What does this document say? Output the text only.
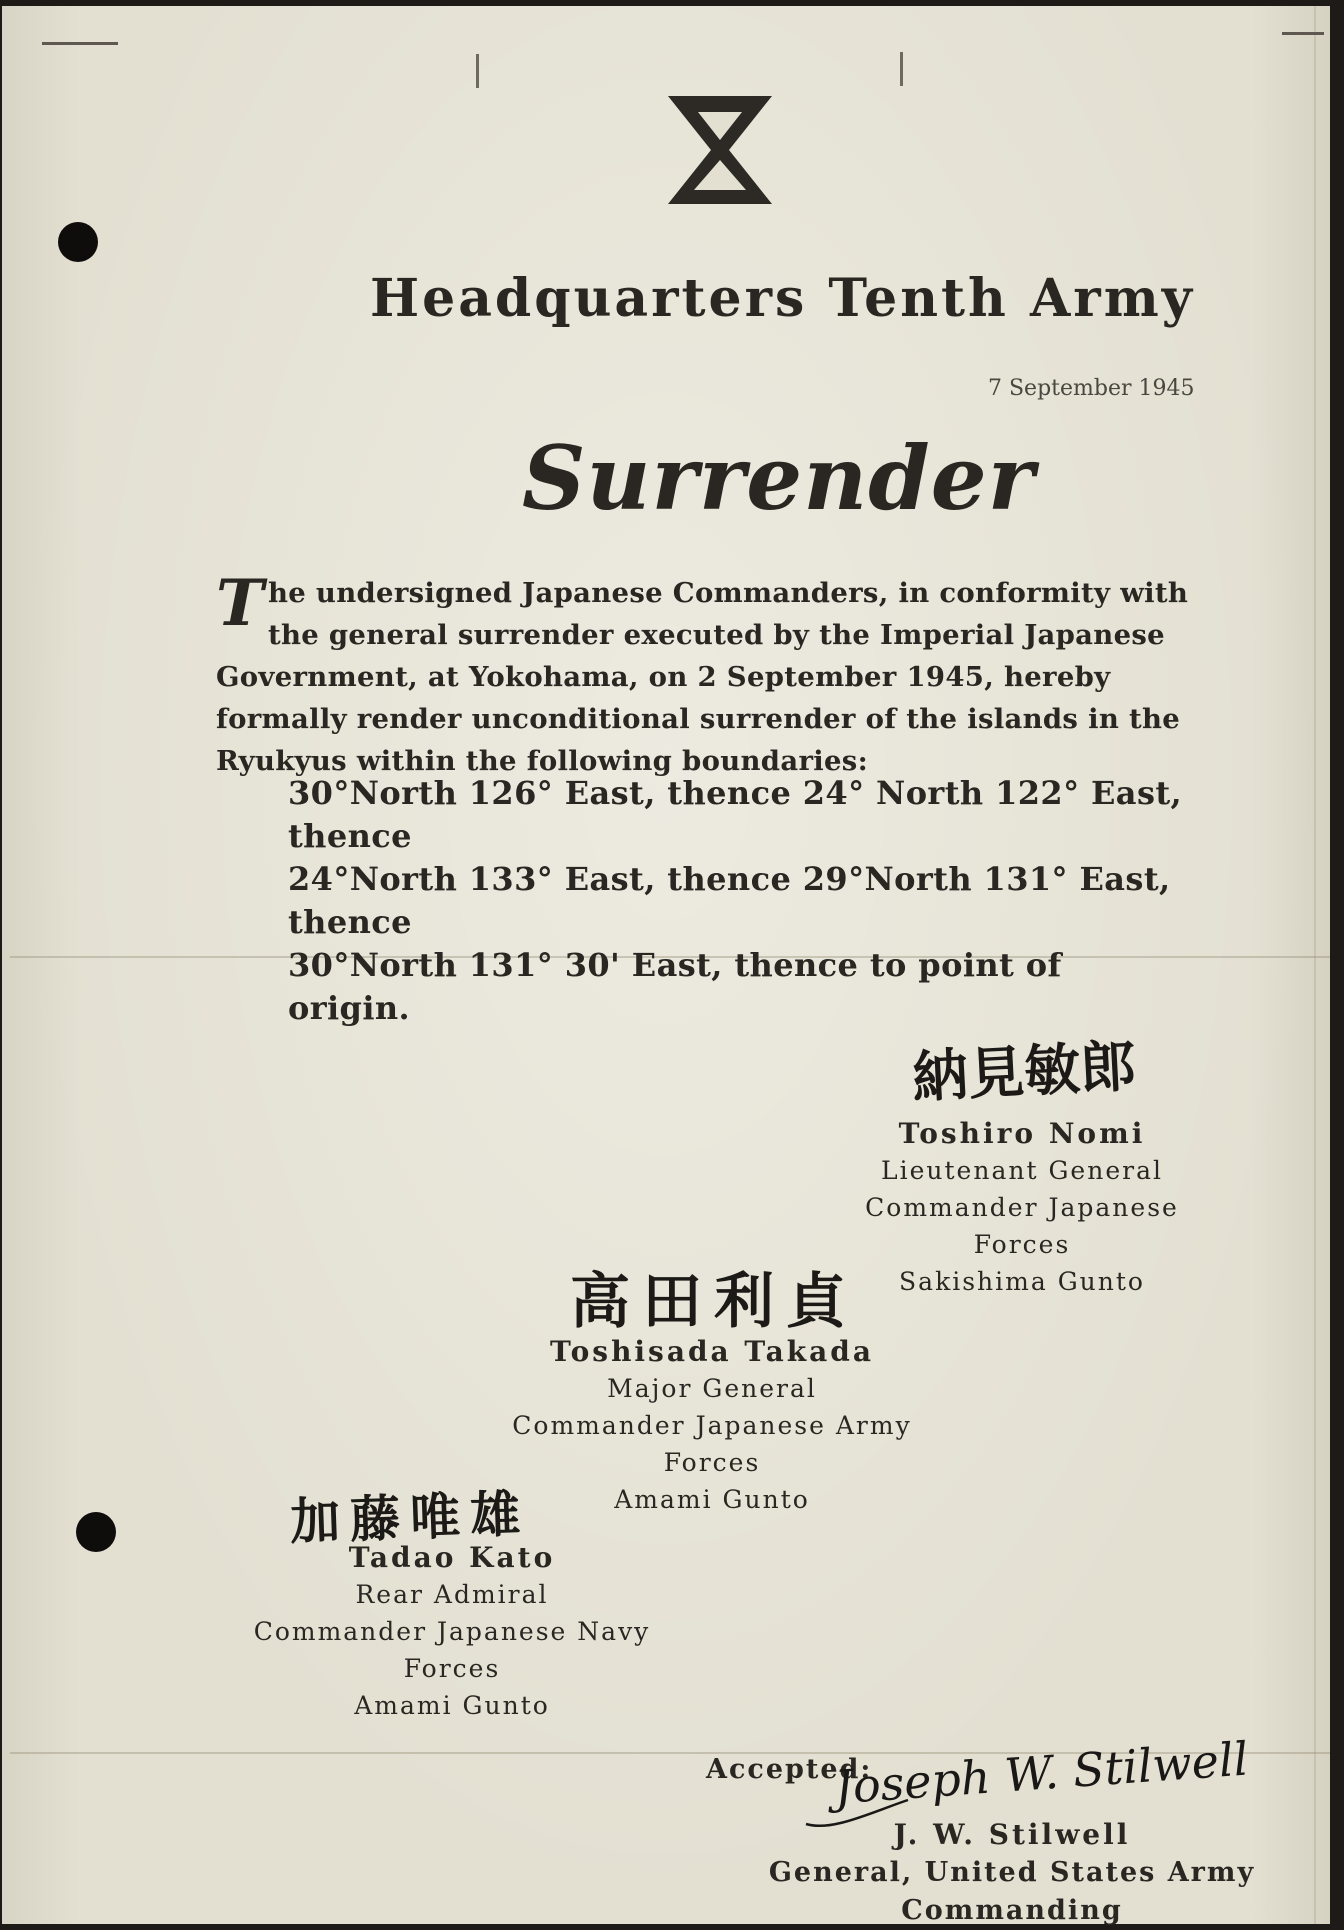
Headquarters Tenth Army
7 September 1945
Surrender
The undersigned Japanese Commanders, in conformity with the general surrender executed by the Imperial Japanese Government, at Yokohama, on 2 September 1945, hereby formally render unconditional surrender of the islands in the Ryukyus within the following boundaries:
30°North 126° East, thence 24° North 122° East, thence
24°North 133° East, thence 29°North 131° East, thence
30°North 131° 30' East, thence to point of origin.
納見敏郎
Toshiro Nomi
Lieutenant General
Commander Japanese Forces
Sakishima Gunto
高田利貞
Toshisada Takada
Major General
Commander Japanese Army Forces
Amami Gunto
加藤唯雄
Tadao Kato
Rear Admiral
Commander Japanese Navy Forces
Amami Gunto
Accepted:
Joseph W. Stilwell
J. W. Stilwell
General, United States Army
Commanding
